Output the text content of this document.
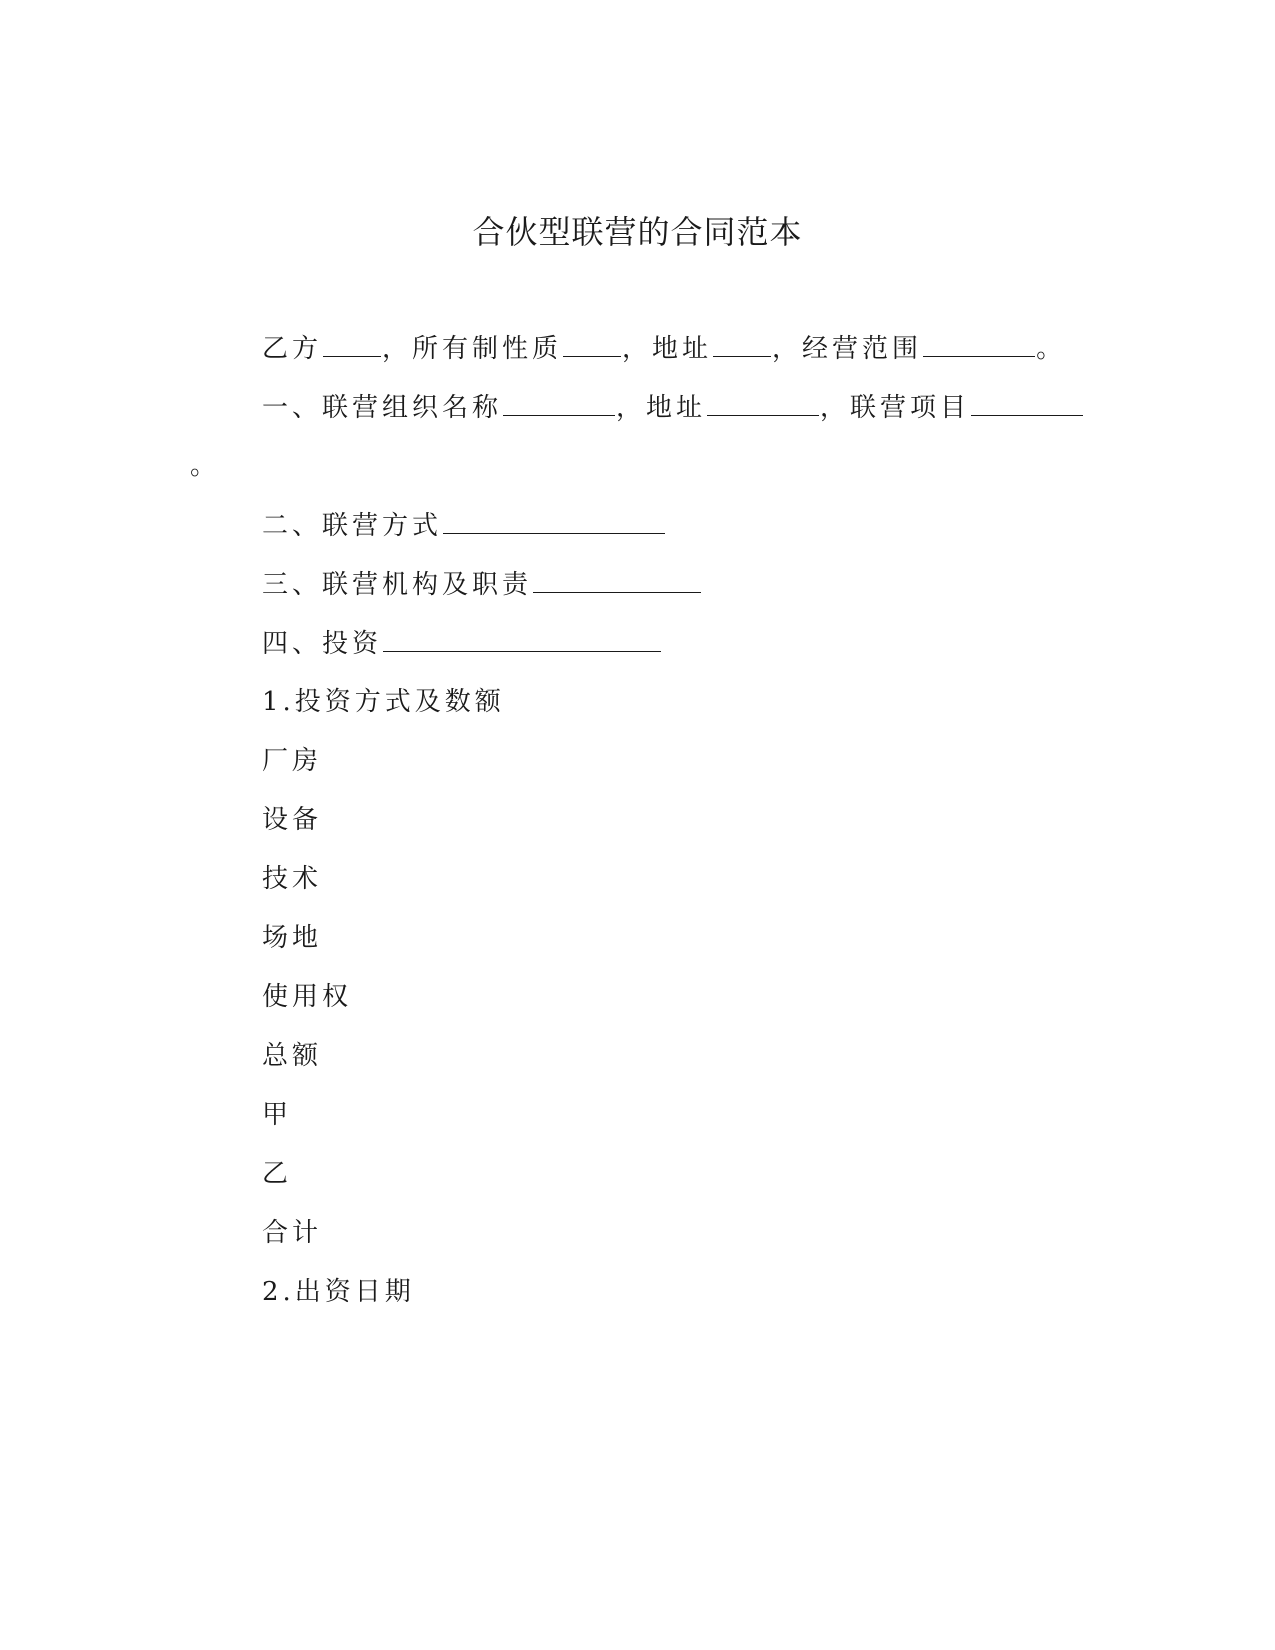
合伙型联营的合同范本
乙方 ，所有制性质 ，地址 ，经营范围	。
一、联营组织名称	，地址	，联营项目
。
二、联营方式
三、联营机构及职责
四、投资
1.投资方式及数额
厂房
设备
技术
场地
使用权
总额
甲
乙
合计
2.出资日期
